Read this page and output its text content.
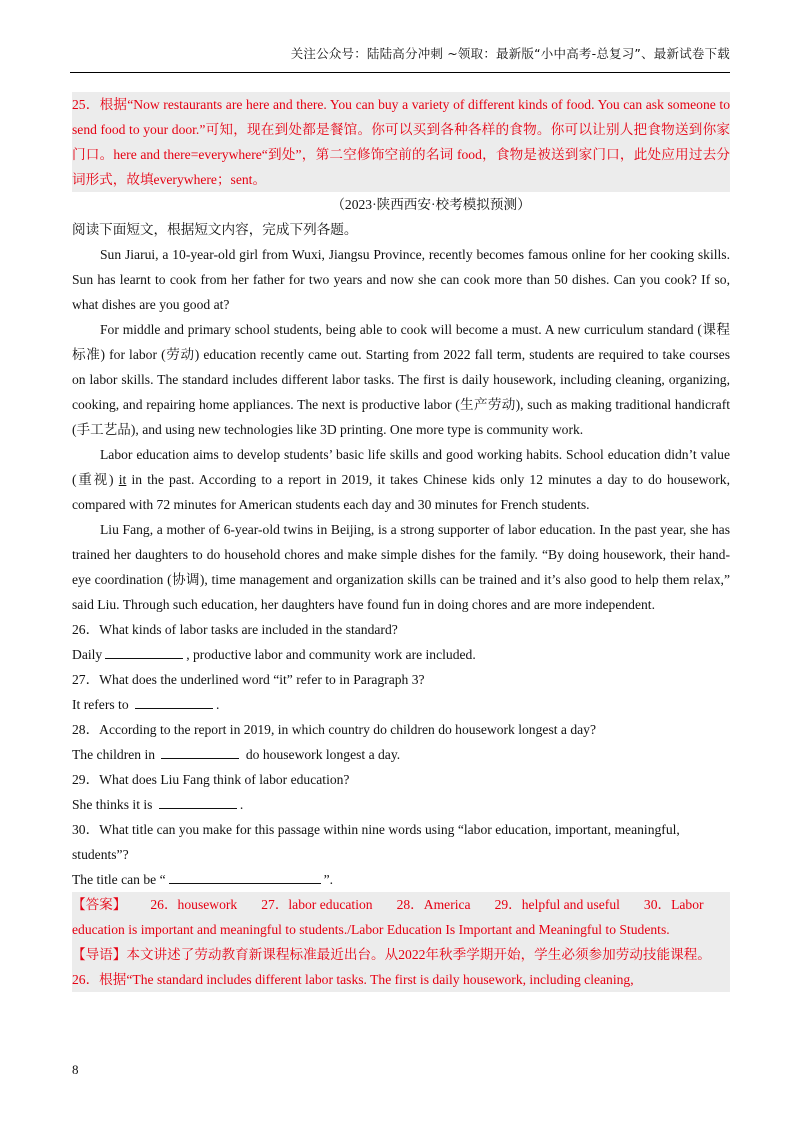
关注公众号：陆陆高分冲刺 ~领取：最新版“小中高考-总复习”、最新试卷下载

25．根据“Now restaurants are here and there. You can buy a variety of different kinds of food. You can ask someone to send food to your door.”可知，现在到处都是餐馆。你可以买到各种各样的食物。你可以让别人把食物送到你家门口。here and there=everywhere“到处”，第二空修饰空前的名词 food，食物是被送到家门口，此处应用过去分词形式，故填everywhere；sent。

（2023·陕西西安·校考模拟预测）

阅读下面短文，根据短文内容，完成下列各题。

Sun Jiarui, a 10-year-old girl from Wuxi, Jiangsu Province, recently becomes famous online for her cooking skills. Sun has learnt to cook from her father for two years and now she can cook more than 50 dishes. Can you cook? If so, what dishes are you good at?

For middle and primary school students, being able to cook will become a must. A new curriculum standard (课程标准) for labor (劳动) education recently came out. Starting from 2022 fall term, students are required to take courses on labor skills. The standard includes different labor tasks. The first is daily housework, including cleaning, organizing, cooking, and repairing home appliances. The next is productive labor (生产劳动), such as making traditional handicraft (手工艺品), and using new technologies like 3D printing. One more type is community work.

Labor education aims to develop students’ basic life skills and good working habits. School education didn’t value (重视) it in the past. According to a report in 2019, it takes Chinese kids only 12 minutes a day to do housework, compared with 72 minutes for American students each day and 30 minutes for French students.

Liu Fang, a mother of 6-year-old twins in Beijing, is a strong supporter of labor education. In the past year, she has trained her daughters to do household chores and make simple dishes for the family. “By doing housework, their hand-eye coordination (协调), time management and organization skills can be trained and it’s also good to help them relax,” said Liu. Through such education, her daughters have found fun in doing chores and are more independent.

26．What kinds of labor tasks are included in the standard?

Daily	, productive labor and community work are included.

27．What does the underlined word “it” refer to in Paragraph 3?

It refers to	.

28．According to the report in 2019, in which country do children do housework longest a day?

The children in	do housework longest a day.

29．What does Liu Fang think of labor education?

She thinks it is	.

30．What title can you make for this passage within nine words using “labor education, important, meaningful, students”?

The title can be “	”.

【答案】 26．housework 27．labor education 28．America 29．helpful and useful 30．Labor

education is important and meaningful to students./Labor Education Is Important and Meaningful to Students.

【导语】本文讲述了劳动教育新课程标准最近出台。从2022年秋季学期开始，学生必须参加劳动技能课程。

26．根据“The standard includes different labor tasks. The first is daily housework, including cleaning,

8
